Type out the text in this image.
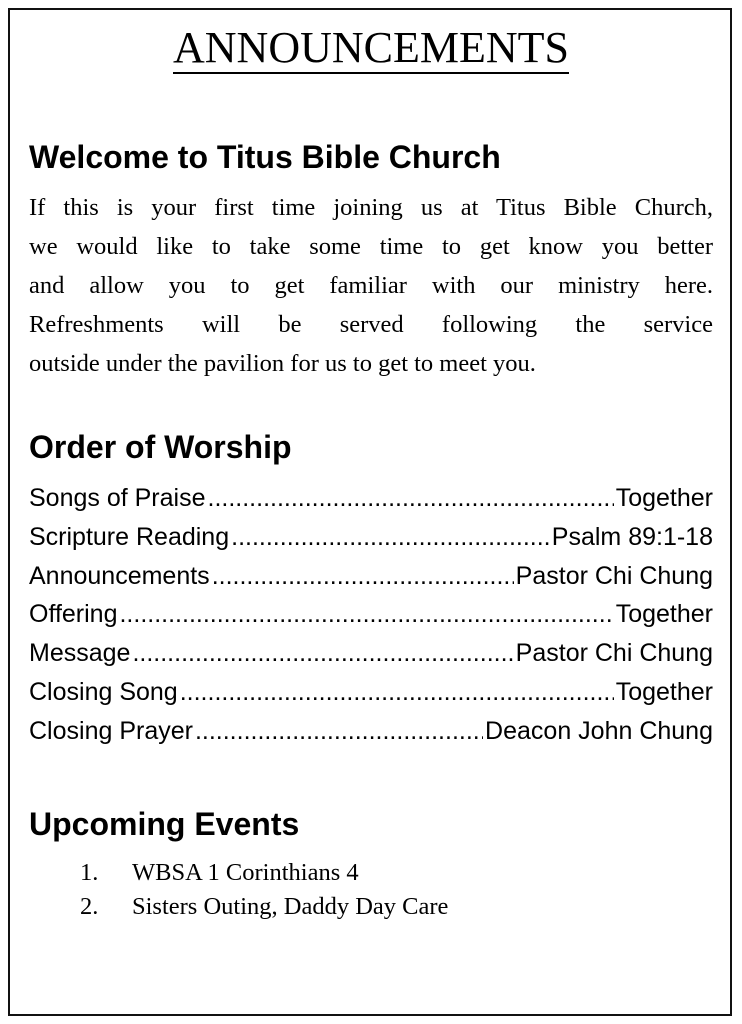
ANNOUNCEMENTS
Welcome to Titus Bible Church
If this is your first time joining us at Titus Bible Church,
we would like to take some time to get know you better
and allow you to get familiar with our ministry here.
Refreshments will be served following the service
outside under the pavilion for us to get to meet you.
Order of Worship
Songs of Praise .....	Together
Scripture Reading .....	Psalm 89:1-18
Announcements .....	Pastor Chi Chung
Offering .....	Together
Message .....	Pastor Chi Chung
Closing Song .....	Together
Closing Prayer .....	Deacon John Chung
Upcoming Events
1.	WBSA 1 Corinthians 4
2.	Sisters Outing, Daddy Day Care
